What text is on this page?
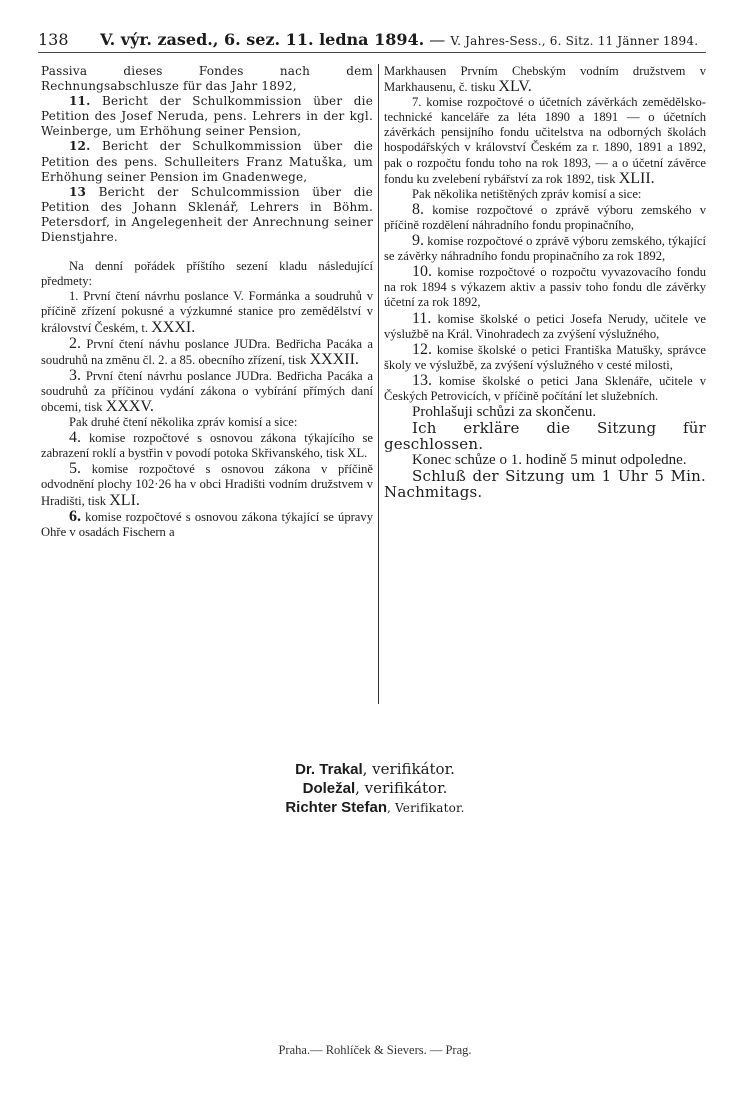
138 V. výr. zased., 6. sez. 11. ledna 1894. — V. Jahres-Sess., 6. Sitz. 11 Jänner 1894.

Passiva dieses Fondes nach dem Rechnungsabschlusze für das Jahr 1892,

11. Bericht der Schulkommission über die Petition des Josef Neruda, pens. Lehrers in der kgl. Weinberge, um Erhöhung seiner Pension,

12. Bericht der Schulkommission über die Petition des pens. Schulleiters Franz Matuška, um Erhöhung seiner Pension im Gnadenwege,

13 Bericht der Schulcommission über die Petition des Johann Sklenář, Lehrers in Böhm. Petersdorf, in Angelegenheit der Anrechnung seiner Dienstjahre.

Na denní pořádek příštího sezení kladu následující předmety:

1. První čtení návrhu poslance V. Formánka a soudruhů v příčině zřízení pokusné a výzkumné stanice pro zemědělství v království Českém, t. XXXI.

2. První čtení návhu poslance JUDra. Bedřicha Pacáka a soudruhů na změnu čl. 2. a 85. obecního zřízení, tisk XXXII.

3. První čtení návrhu poslance JUDra. Bedřicha Pacáka a soudruhů za příčinou vydání zákona o vybírání přímých daní obcemi, tisk XXXV.

Pak druhé čtení několika zpráv komisí a sice:

4. komise rozpočtové s osnovou zákona týkajícího se zabrazení roklí a bystřin v povodí potoka Skřivanského, tisk XL.

5. komise rozpočtové s osnovou zákona v příčině odvodnění plochy 102·26 ha v obci Hradišti vodním družstvem v Hradišti, tisk XLI.

6. komise rozpočtové s osnovou zákona týkající se úpravy Ohře v osadách Fischern a

Markhausen Prvním Chebským vodním družstvem v Markhausenu, č. tisku XLV.

7. komise rozpočtové o účetních závěrkách zemědělsko-technické kanceláře za léta 1890 a 1891 — o účetních závěrkách pensijního fondu učitelstva na odborných školách hospodářských v království Českém za r. 1890, 1891 a 1892, pak o rozpočtu fondu toho na rok 1893, — a o účetní závěrce fondu ku zvelebení rybářství za rok 1892, tisk XLII.

Pak několika netištěných zpráv komisí a sice:

8. komise rozpočtové o zprávě výboru zemského v příčině rozdělení náhradního fondu propinačního,

9. komise rozpočtové o zprávě výboru zemského, týkající se závěrky náhradního fondu propinačního za rok 1892,

10. komise rozpočtové o rozpočtu vyvazovacího fondu na rok 1894 s výkazem aktiv a passiv toho fondu dle závěrky účetní za rok 1892,

11. komise školské o petici Josefa Nerudy, učitele ve výslužbě na Král. Vinohradech za zvýšení výslužného,

12. komise školské o petici Františka Matušky, správce školy ve výslužbě, za zvýšení výslužného v cesté milosti,

13. komise školské o petici Jana Sklenáře, učitele v Českých Petrovicích, v příčině počítání let služebních.

Prohlašuji schůzi za skončenu.

Ich erkläre die Sitzung für geschlossen.

Konec schůze o 1. hodině 5 minut odpoledne.

Schluß der Sitzung um 1 Uhr 5 Min. Nachmitags.

Dr. Trakal, verifikátor.
Doležal, verifikátor.
Richter Stefan, Verifikator.
Praha.— Rohlíček & Sievers. — Prag.
